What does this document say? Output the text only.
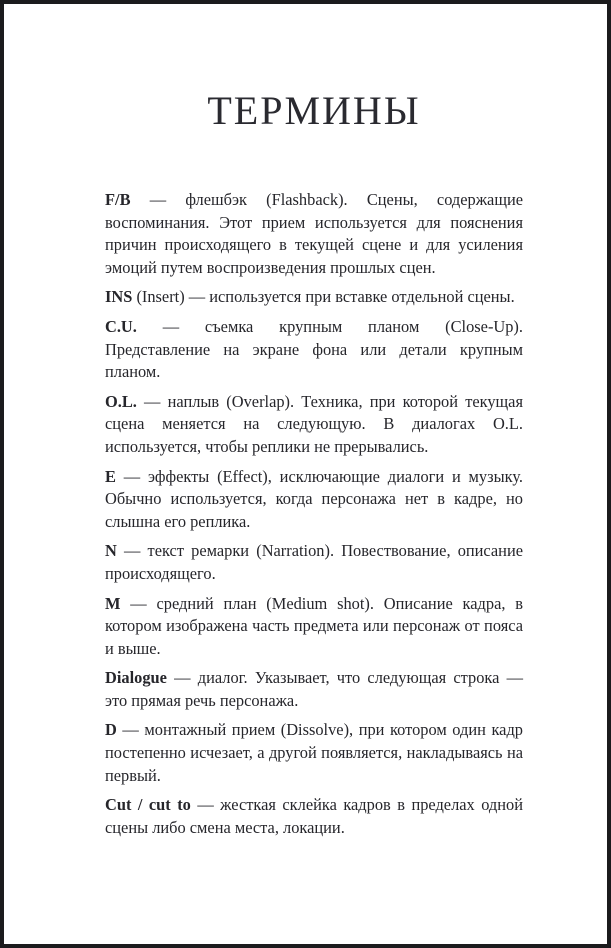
ТЕРМИНЫ

F/B — флешбэк (Flashback). Сцены, содержащие воспоминания. Этот прием используется для пояснения причин происходящего в текущей сцене и для усиления эмоций путем воспроизведения прошлых сцен.

INS (Insert) — используется при вставке отдельной сцены.

C.U. — съемка крупным планом (Close-Up). Представление на экране фона или детали крупным планом.

O.L. — наплыв (Overlap). Техника, при которой текущая сцена меняется на следующую. В диалогах O.L. используется, чтобы реплики не прерывались.

E — эффекты (Effect), исключающие диалоги и музыку. Обычно используется, когда персонажа нет в кадре, но слышна его реплика.

N — текст ремарки (Narration). Повествование, описание происходящего.

M — средний план (Medium shot). Описание кадра, в котором изображена часть предмета или персонаж от пояса и выше.

Dialogue — диалог. Указывает, что следующая строка — это прямая речь персонажа.

D — монтажный прием (Dissolve), при котором один кадр постепенно исчезает, а другой появляется, накладываясь на первый.

Cut / cut to — жесткая склейка кадров в пределах одной сцены либо смена места, локации.
